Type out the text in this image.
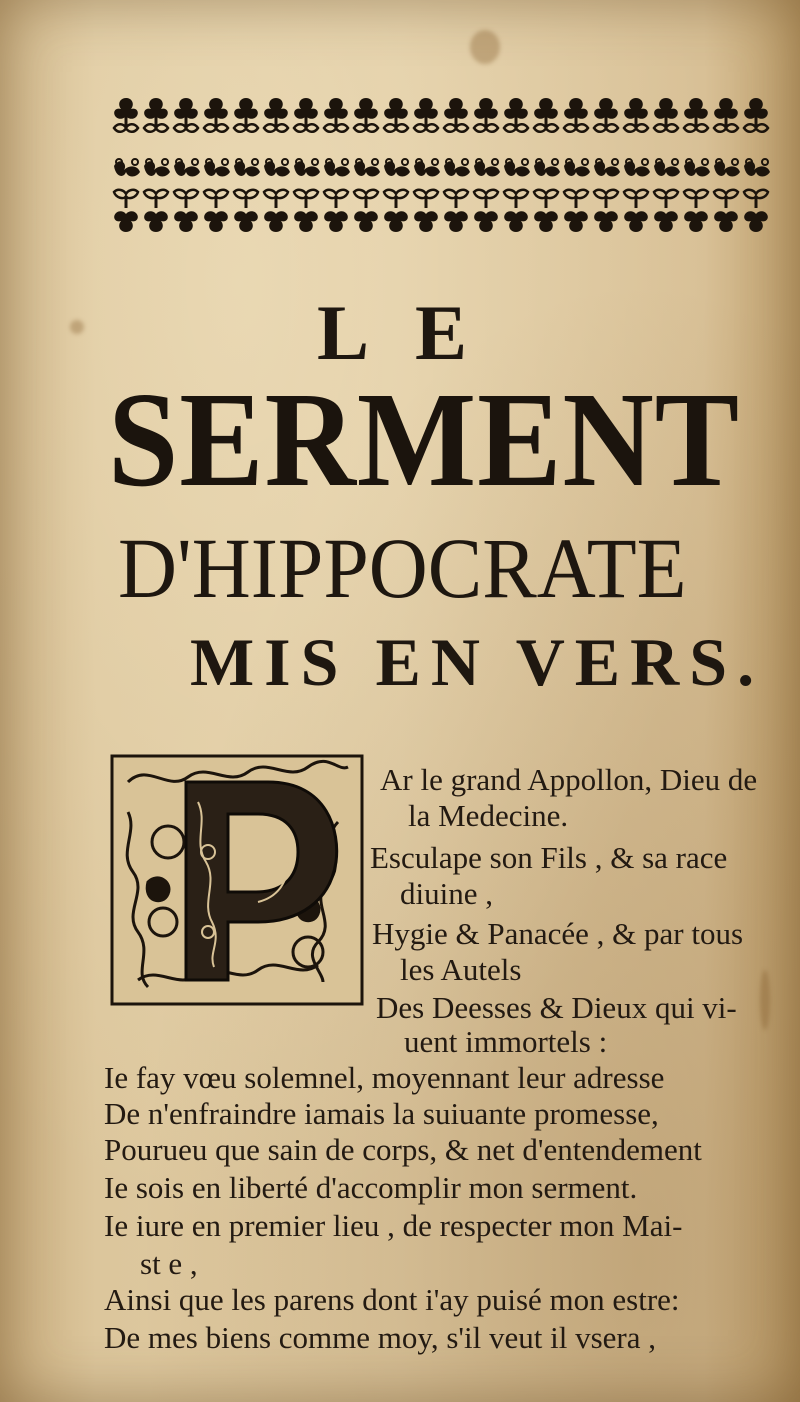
LE
SERMENT
D'HIPPOCRATE
MIS EN VERS.
Ar le grand Appollon, Dieu de
la Medecine.
Esculape son Fils , & sa race
diuine ,
Hygie & Panacée , & par tous
les Autels
Des Deesses & Dieux qui vi-
uent immortels :
Ie fay vœu solemnel, moyennant leur adresse
De n'enfraindre iamais la suiuante promesse,
Pourueu que sain de corps, & net d'entendement
Ie sois en liberté d'accomplir mon serment.
Ie iure en premier lieu , de respecter mon Mai-
st e ,
Ainsi que les parens dont i'ay puisé mon estre:
De mes biens comme moy, s'il veut il vsera ,
